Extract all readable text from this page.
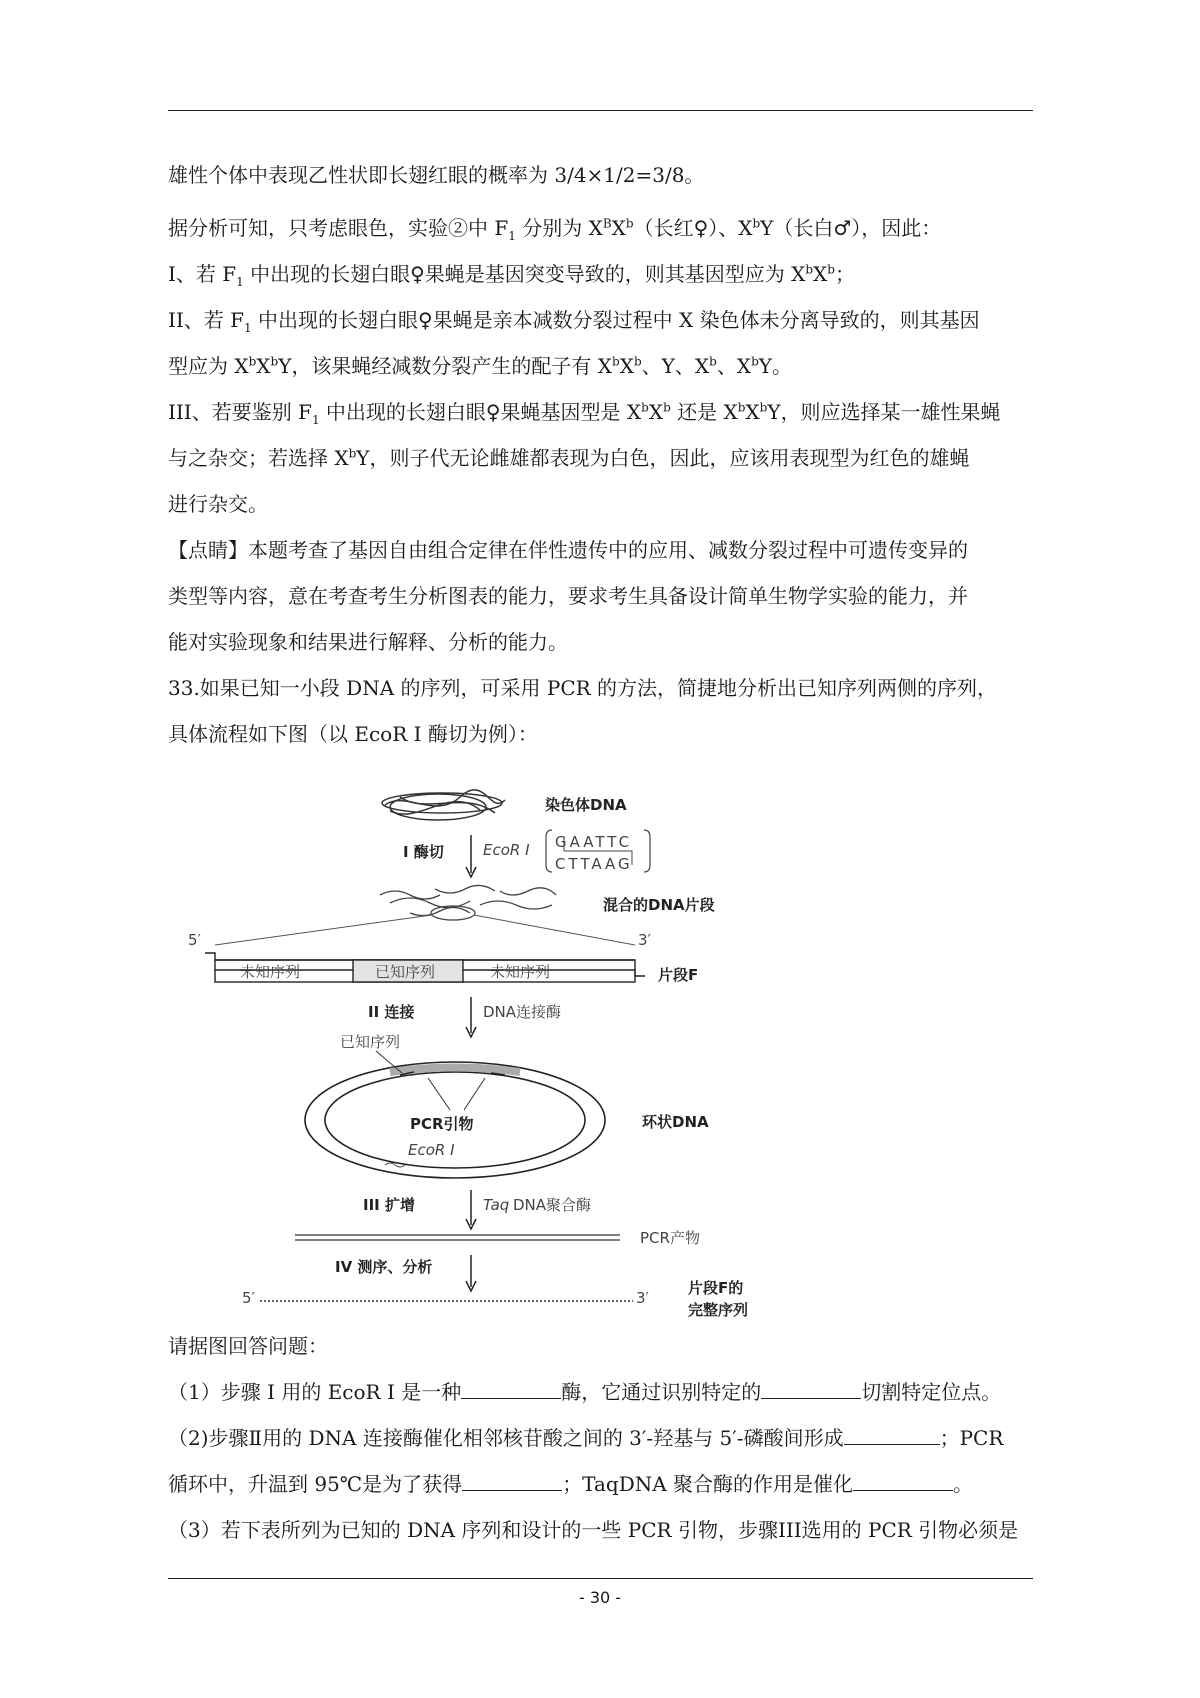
雄性个体中表现乙性状即长翅红眼的概率为 3/4×1/2=3/8。
据分析可知，只考虑眼色，实验②中 $F_1$ 分别为 $X^BX^b$（长红♀）、$X^bY$（长白♂），因此：
I、若 $F_1$ 中出现的长翅白眼♀果蝇是基因突变导致的，则其基因型应为 $X^bX^b$；
II、若 $F_1$ 中出现的长翅白眼♀果蝇是亲本减数分裂过程中 X 染色体未分离导致的，则其基因
型应为 $X^bX^bY$，该果蝇经减数分裂产生的配子有 $X^bX^b$、Y、$X^b$、$X^bY$。
III、若要鉴别 $F_1$ 中出现的长翅白眼♀果蝇基因型是 $X^bX^b$ 还是 $X^bX^bY$，则应选择某一雄性果蝇
与之杂交；若选择 $X^bY$，则子代无论雌雄都表现为白色，因此，应该用表现型为红色的雄蝇
进行杂交。
【点睛】本题考查了基因自由组合定律在伴性遗传中的应用、减数分裂过程中可遗传变异的
类型等内容，意在考查考生分析图表的能力，要求考生具备设计简单生物学实验的能力，并
能对实验现象和结果进行解释、分析的能力。
33.如果已知一小段 DNA 的序列，可采用 PCR 的方法，简捷地分析出已知序列两侧的序列，
具体流程如下图（以 EcoR I 酶切为例）：
染色体DNA
I 酶切	EcoR I GAATTC
CTTAAG
混合的DNA片段
5′	3′
未知序列	已知序列	未知序列	片段F
II 连接	DNA连接酶
已知序列
PCR引物
EcoR I
环状DNA
III 扩增	Taq DNA聚合酶
PCR产物
IV 测序、分析
5′	3′
片段F的
完整序列
请据图回答问题：
（1）步骤 I 用的 EcoR I 是一种	酶，它通过识别特定的	切割特定位点。
（2)步骤Ⅱ用的 DNA 连接酶催化相邻核苷酸之间的 3′-羟基与 5′-磷酸间形成	；PCR
循环中，升温到 95℃是为了获得	；TaqDNA 聚合酶的作用是催化	。
（3）若下表所列为已知的 DNA 序列和设计的一些 PCR 引物，步骤III选用的 PCR 引物必须是
- 30 -
